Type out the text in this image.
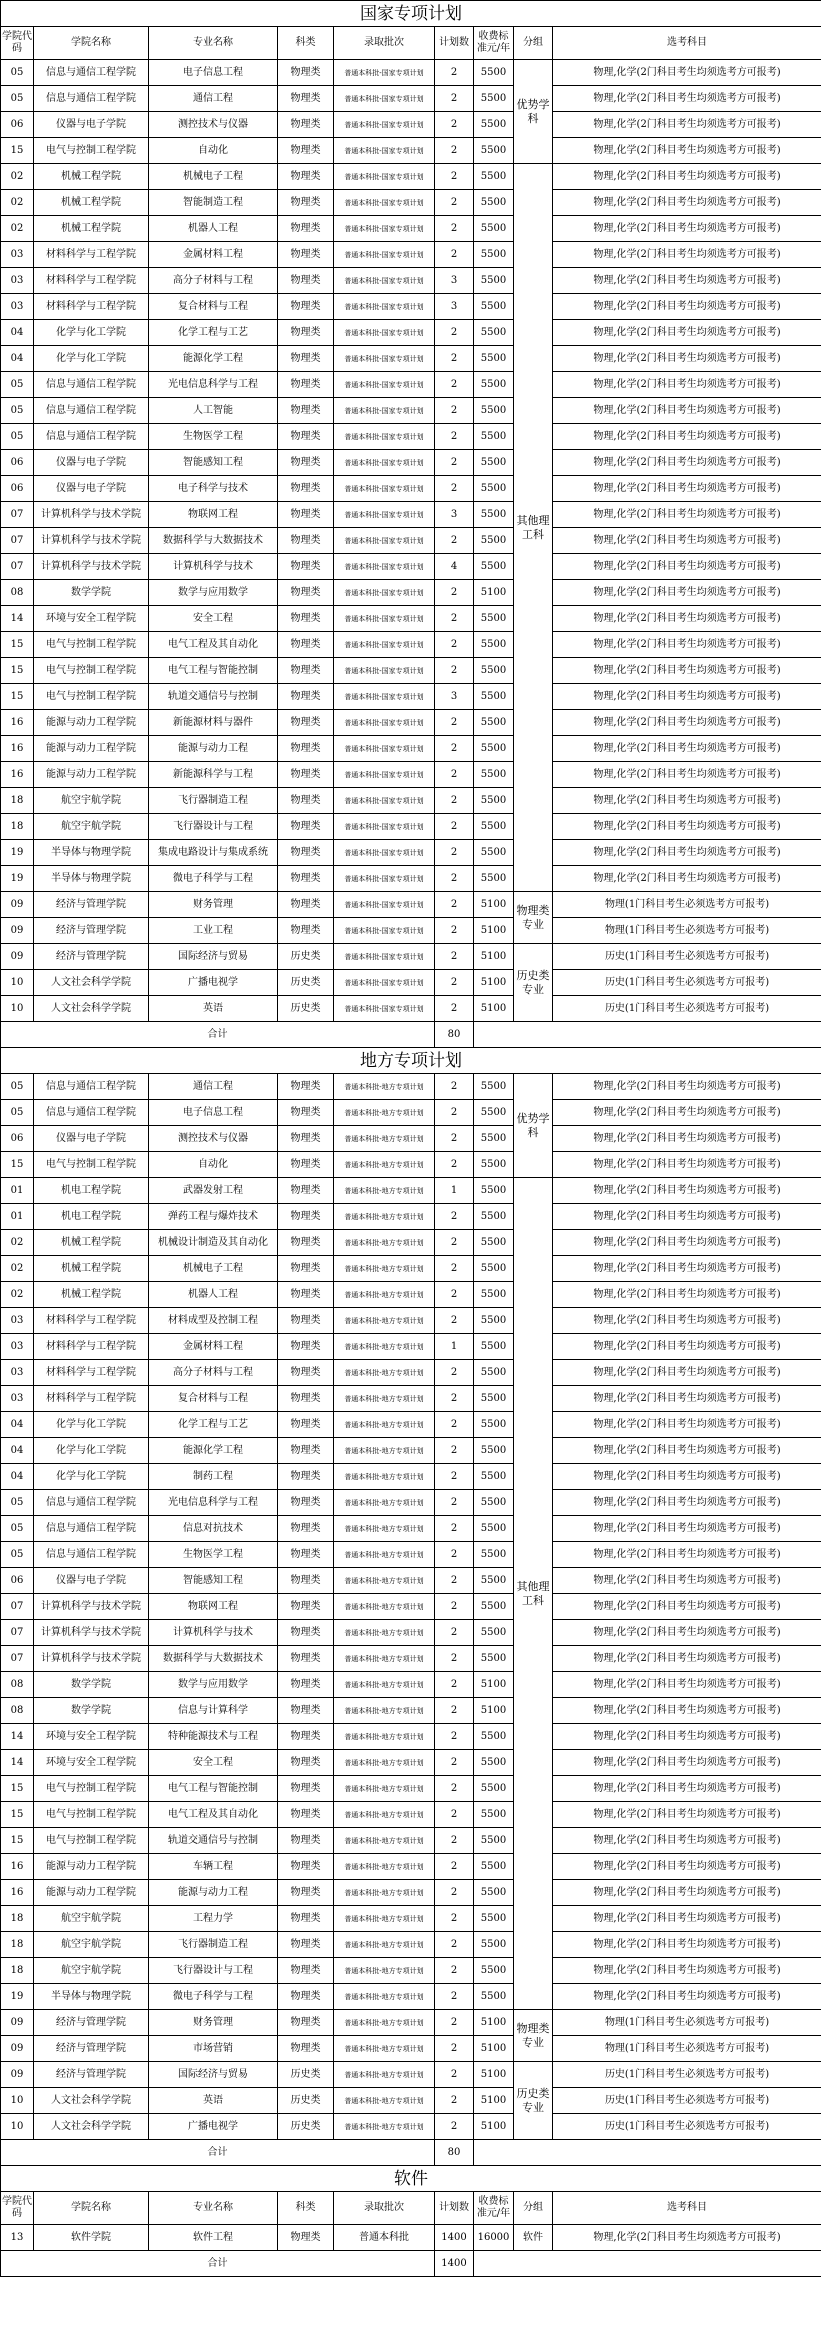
国家专项计划								
学院代码	学院名称	专业名称	科类	录取批次	计划数	收费标准元/年	分组	选考科目
05	信息与通信工程学院	电子信息工程	物理类	普通本科批-国家专项计划	2	5500	优势学科	物理,化学(2门科目考生均须选考方可报考)
05	信息与通信工程学院	通信工程	物理类	普通本科批-国家专项计划	2	5500		物理,化学(2门科目考生均须选考方可报考)
06	仪器与电子学院	测控技术与仪器	物理类	普通本科批-国家专项计划	2	5500		物理,化学(2门科目考生均须选考方可报考)
15	电气与控制工程学院	自动化	物理类	普通本科批-国家专项计划	2	5500		物理,化学(2门科目考生均须选考方可报考)
02	机械工程学院	机械电子工程	物理类	普通本科批-国家专项计划	2	5500	其他理工科	物理,化学(2门科目考生均须选考方可报考)
02	机械工程学院	智能制造工程	物理类	普通本科批-国家专项计划	2	5500		物理,化学(2门科目考生均须选考方可报考)
02	机械工程学院	机器人工程	物理类	普通本科批-国家专项计划	2	5500		物理,化学(2门科目考生均须选考方可报考)
03	材料科学与工程学院	金属材料工程	物理类	普通本科批-国家专项计划	2	5500		物理,化学(2门科目考生均须选考方可报考)
03	材料科学与工程学院	高分子材料与工程	物理类	普通本科批-国家专项计划	3	5500		物理,化学(2门科目考生均须选考方可报考)
03	材料科学与工程学院	复合材料与工程	物理类	普通本科批-国家专项计划	3	5500		物理,化学(2门科目考生均须选考方可报考)
04	化学与化工学院	化学工程与工艺	物理类	普通本科批-国家专项计划	2	5500		物理,化学(2门科目考生均须选考方可报考)
04	化学与化工学院	能源化学工程	物理类	普通本科批-国家专项计划	2	5500		物理,化学(2门科目考生均须选考方可报考)
05	信息与通信工程学院	光电信息科学与工程	物理类	普通本科批-国家专项计划	2	5500		物理,化学(2门科目考生均须选考方可报考)
05	信息与通信工程学院	人工智能	物理类	普通本科批-国家专项计划	2	5500		物理,化学(2门科目考生均须选考方可报考)
05	信息与通信工程学院	生物医学工程	物理类	普通本科批-国家专项计划	2	5500		物理,化学(2门科目考生均须选考方可报考)
06	仪器与电子学院	智能感知工程	物理类	普通本科批-国家专项计划	2	5500		物理,化学(2门科目考生均须选考方可报考)
06	仪器与电子学院	电子科学与技术	物理类	普通本科批-国家专项计划	2	5500		物理,化学(2门科目考生均须选考方可报考)
07	计算机科学与技术学院	物联网工程	物理类	普通本科批-国家专项计划	3	5500		物理,化学(2门科目考生均须选考方可报考)
07	计算机科学与技术学院	数据科学与大数据技术	物理类	普通本科批-国家专项计划	2	5500		物理,化学(2门科目考生均须选考方可报考)
07	计算机科学与技术学院	计算机科学与技术	物理类	普通本科批-国家专项计划	4	5500		物理,化学(2门科目考生均须选考方可报考)
08	数学学院	数学与应用数学	物理类	普通本科批-国家专项计划	2	5100		物理,化学(2门科目考生均须选考方可报考)
14	环境与安全工程学院	安全工程	物理类	普通本科批-国家专项计划	2	5500		物理,化学(2门科目考生均须选考方可报考)
15	电气与控制工程学院	电气工程及其自动化	物理类	普通本科批-国家专项计划	2	5500		物理,化学(2门科目考生均须选考方可报考)
15	电气与控制工程学院	电气工程与智能控制	物理类	普通本科批-国家专项计划	2	5500		物理,化学(2门科目考生均须选考方可报考)
15	电气与控制工程学院	轨道交通信号与控制	物理类	普通本科批-国家专项计划	3	5500		物理,化学(2门科目考生均须选考方可报考)
16	能源与动力工程学院	新能源材料与器件	物理类	普通本科批-国家专项计划	2	5500		物理,化学(2门科目考生均须选考方可报考)
16	能源与动力工程学院	能源与动力工程	物理类	普通本科批-国家专项计划	2	5500		物理,化学(2门科目考生均须选考方可报考)
16	能源与动力工程学院	新能源科学与工程	物理类	普通本科批-国家专项计划	2	5500		物理,化学(2门科目考生均须选考方可报考)
18	航空宇航学院	飞行器制造工程	物理类	普通本科批-国家专项计划	2	5500		物理,化学(2门科目考生均须选考方可报考)
18	航空宇航学院	飞行器设计与工程	物理类	普通本科批-国家专项计划	2	5500		物理,化学(2门科目考生均须选考方可报考)
19	半导体与物理学院	集成电路设计与集成系统	物理类	普通本科批-国家专项计划	2	5500		物理,化学(2门科目考生均须选考方可报考)
19	半导体与物理学院	微电子科学与工程	物理类	普通本科批-国家专项计划	2	5500		物理,化学(2门科目考生均须选考方可报考)
09	经济与管理学院	财务管理	物理类	普通本科批-国家专项计划	2	5100	物理类专业	物理(1门科目考生必须选考方可报考)
09	经济与管理学院	工业工程	物理类	普通本科批-国家专项计划	2	5100		物理(1门科目考生必须选考方可报考)
09	经济与管理学院	国际经济与贸易	历史类	普通本科批-国家专项计划	2	5100	历史类专业	历史(1门科目考生必须选考方可报考)
10	人文社会科学学院	广播电视学	历史类	普通本科批-国家专项计划	2	5100		历史(1门科目考生必须选考方可报考)
10	人文社会科学学院	英语	历史类	普通本科批-国家专项计划	2	5100		历史(1门科目考生必须选考方可报考)
合计					80			
地方专项计划								
05	信息与通信工程学院	通信工程	物理类	普通本科批-地方专项计划	2	5500	优势学科	物理,化学(2门科目考生均须选考方可报考)
05	信息与通信工程学院	电子信息工程	物理类	普通本科批-地方专项计划	2	5500		物理,化学(2门科目考生均须选考方可报考)
06	仪器与电子学院	测控技术与仪器	物理类	普通本科批-地方专项计划	2	5500		物理,化学(2门科目考生均须选考方可报考)
15	电气与控制工程学院	自动化	物理类	普通本科批-地方专项计划	2	5500		物理,化学(2门科目考生均须选考方可报考)
01	机电工程学院	武器发射工程	物理类	普通本科批-地方专项计划	1	5500	其他理工科	物理,化学(2门科目考生均须选考方可报考)
01	机电工程学院	弹药工程与爆炸技术	物理类	普通本科批-地方专项计划	2	5500		物理,化学(2门科目考生均须选考方可报考)
02	机械工程学院	机械设计制造及其自动化	物理类	普通本科批-地方专项计划	2	5500		物理,化学(2门科目考生均须选考方可报考)
02	机械工程学院	机械电子工程	物理类	普通本科批-地方专项计划	2	5500		物理,化学(2门科目考生均须选考方可报考)
02	机械工程学院	机器人工程	物理类	普通本科批-地方专项计划	2	5500		物理,化学(2门科目考生均须选考方可报考)
03	材料科学与工程学院	材料成型及控制工程	物理类	普通本科批-地方专项计划	2	5500		物理,化学(2门科目考生均须选考方可报考)
03	材料科学与工程学院	金属材料工程	物理类	普通本科批-地方专项计划	1	5500		物理,化学(2门科目考生均须选考方可报考)
03	材料科学与工程学院	高分子材料与工程	物理类	普通本科批-地方专项计划	2	5500		物理,化学(2门科目考生均须选考方可报考)
03	材料科学与工程学院	复合材料与工程	物理类	普通本科批-地方专项计划	2	5500		物理,化学(2门科目考生均须选考方可报考)
04	化学与化工学院	化学工程与工艺	物理类	普通本科批-地方专项计划	2	5500		物理,化学(2门科目考生均须选考方可报考)
04	化学与化工学院	能源化学工程	物理类	普通本科批-地方专项计划	2	5500		物理,化学(2门科目考生均须选考方可报考)
04	化学与化工学院	制药工程	物理类	普通本科批-地方专项计划	2	5500		物理,化学(2门科目考生均须选考方可报考)
05	信息与通信工程学院	光电信息科学与工程	物理类	普通本科批-地方专项计划	2	5500		物理,化学(2门科目考生均须选考方可报考)
05	信息与通信工程学院	信息对抗技术	物理类	普通本科批-地方专项计划	2	5500		物理,化学(2门科目考生均须选考方可报考)
05	信息与通信工程学院	生物医学工程	物理类	普通本科批-地方专项计划	2	5500		物理,化学(2门科目考生均须选考方可报考)
06	仪器与电子学院	智能感知工程	物理类	普通本科批-地方专项计划	2	5500		物理,化学(2门科目考生均须选考方可报考)
07	计算机科学与技术学院	物联网工程	物理类	普通本科批-地方专项计划	2	5500		物理,化学(2门科目考生均须选考方可报考)
07	计算机科学与技术学院	计算机科学与技术	物理类	普通本科批-地方专项计划	2	5500		物理,化学(2门科目考生均须选考方可报考)
07	计算机科学与技术学院	数据科学与大数据技术	物理类	普通本科批-地方专项计划	2	5500		物理,化学(2门科目考生均须选考方可报考)
08	数学学院	数学与应用数学	物理类	普通本科批-地方专项计划	2	5100		物理,化学(2门科目考生均须选考方可报考)
08	数学学院	信息与计算科学	物理类	普通本科批-地方专项计划	2	5100		物理,化学(2门科目考生均须选考方可报考)
14	环境与安全工程学院	特种能源技术与工程	物理类	普通本科批-地方专项计划	2	5500		物理,化学(2门科目考生均须选考方可报考)
14	环境与安全工程学院	安全工程	物理类	普通本科批-地方专项计划	2	5500		物理,化学(2门科目考生均须选考方可报考)
15	电气与控制工程学院	电气工程与智能控制	物理类	普通本科批-地方专项计划	2	5500		物理,化学(2门科目考生均须选考方可报考)
15	电气与控制工程学院	电气工程及其自动化	物理类	普通本科批-地方专项计划	2	5500		物理,化学(2门科目考生均须选考方可报考)
15	电气与控制工程学院	轨道交通信号与控制	物理类	普通本科批-地方专项计划	2	5500		物理,化学(2门科目考生均须选考方可报考)
16	能源与动力工程学院	车辆工程	物理类	普通本科批-地方专项计划	2	5500		物理,化学(2门科目考生均须选考方可报考)
16	能源与动力工程学院	能源与动力工程	物理类	普通本科批-地方专项计划	2	5500		物理,化学(2门科目考生均须选考方可报考)
18	航空宇航学院	工程力学	物理类	普通本科批-地方专项计划	2	5500		物理,化学(2门科目考生均须选考方可报考)
18	航空宇航学院	飞行器制造工程	物理类	普通本科批-地方专项计划	2	5500		物理,化学(2门科目考生均须选考方可报考)
18	航空宇航学院	飞行器设计与工程	物理类	普通本科批-地方专项计划	2	5500		物理,化学(2门科目考生均须选考方可报考)
19	半导体与物理学院	微电子科学与工程	物理类	普通本科批-地方专项计划	2	5500		物理,化学(2门科目考生均须选考方可报考)
09	经济与管理学院	财务管理	物理类	普通本科批-地方专项计划	2	5100	物理类专业	物理(1门科目考生必须选考方可报考)
09	经济与管理学院	市场营销	物理类	普通本科批-地方专项计划	2	5100		物理(1门科目考生必须选考方可报考)
09	经济与管理学院	国际经济与贸易	历史类	普通本科批-地方专项计划	2	5100	历史类专业	历史(1门科目考生必须选考方可报考)
10	人文社会科学学院	英语	历史类	普通本科批-地方专项计划	2	5100		历史(1门科目考生必须选考方可报考)
10	人文社会科学学院	广播电视学	历史类	普通本科批-地方专项计划	2	5100		历史(1门科目考生必须选考方可报考)
合计					80			
软件								
学院代码	学院名称	专业名称	科类	录取批次	计划数	收费标准元/年	分组	选考科目
13	软件学院	软件工程	物理类	普通本科批	1400	16000	软件	物理,化学(2门科目考生均须选考方可报考)
合计					1400			
